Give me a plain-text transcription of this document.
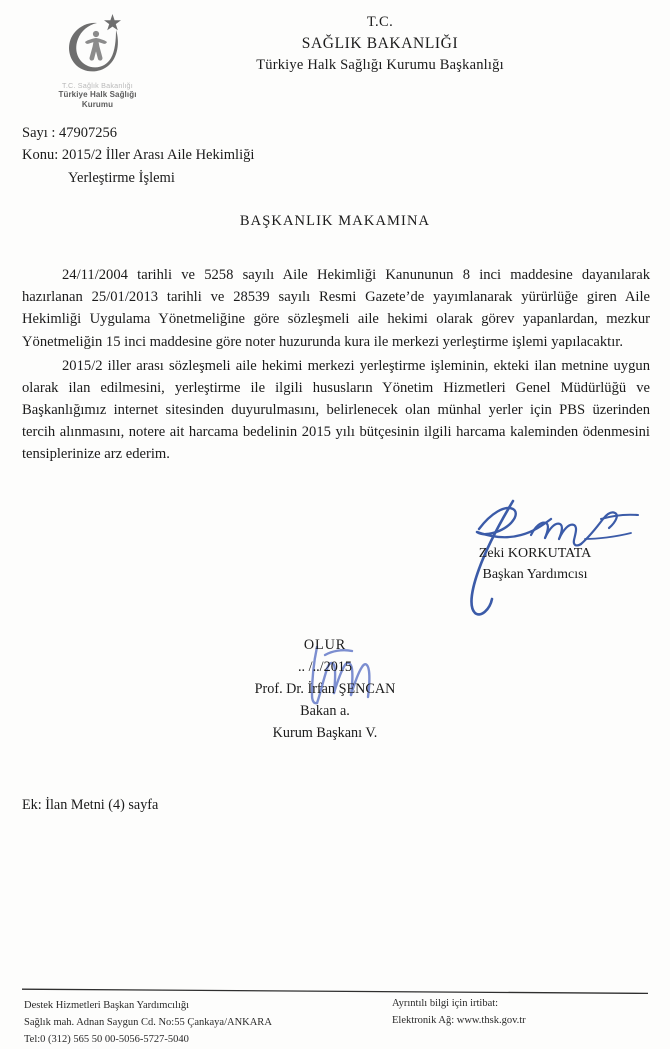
T.C. Sağlık Bakanlığı
Türkiye Halk Sağlığı
Kurumu
T.C.
SAĞLIK BAKANLIĞI
Türkiye Halk Sağlığı Kurumu Başkanlığı
Sayı : 47907256
Konu: 2015/2 İller Arası Aile Hekimliği
Yerleştirme İşlemi
BAŞKANLIK MAKAMINA

24/11/2004 tarihli ve 5258 sayılı Aile Hekimliği Kanununun 8 inci maddesine dayanılarak hazırlanan 25/01/2013 tarihli ve 28539 sayılı Resmi Gazete’de yayımlanarak yürürlüğe giren Aile Hekimliği Uygulama Yönetmeliğine göre sözleşmeli aile hekimi olarak görev yapanlardan, mezkur Yönetmeliğin 15 inci maddesine göre noter huzurunda kura ile merkezi yerleştirme işlemi yapılacaktır.

2015/2 iller arası sözleşmeli aile hekimi merkezi yerleştirme işleminin, ekteki ilan metnine uygun olarak ilan edilmesini, yerleştirme ile ilgili hususların Yönetim Hizmetleri Genel Müdürlüğü ve Başkanlığımız internet sitesinden duyurulmasını, belirlenecek olan münhal yerler için PBS üzerinden tercih alınmasını, notere ait harcama bedelinin 2015 yılı bütçesinin ilgili harcama kaleminden ödenmesini tensiplerinize arz ederim.

Zeki KORKUTATA
Başkan Yardımcısı
OLUR
.. /../2015
Prof. Dr. İrfan ŞENCAN
Bakan a.
Kurum Başkanı V.
Ek: İlan Metni (4) sayfa
Destek Hizmetleri Başkan Yardımcılığı
Sağlık mah. Adnan Saygun Cd. No:55 Çankaya/ANKARA
Tel:0 (312) 565 50 00-5056-5727-5040
Ayrıntılı bilgi için irtibat:
Elektronik Ağ: www.thsk.gov.tr
